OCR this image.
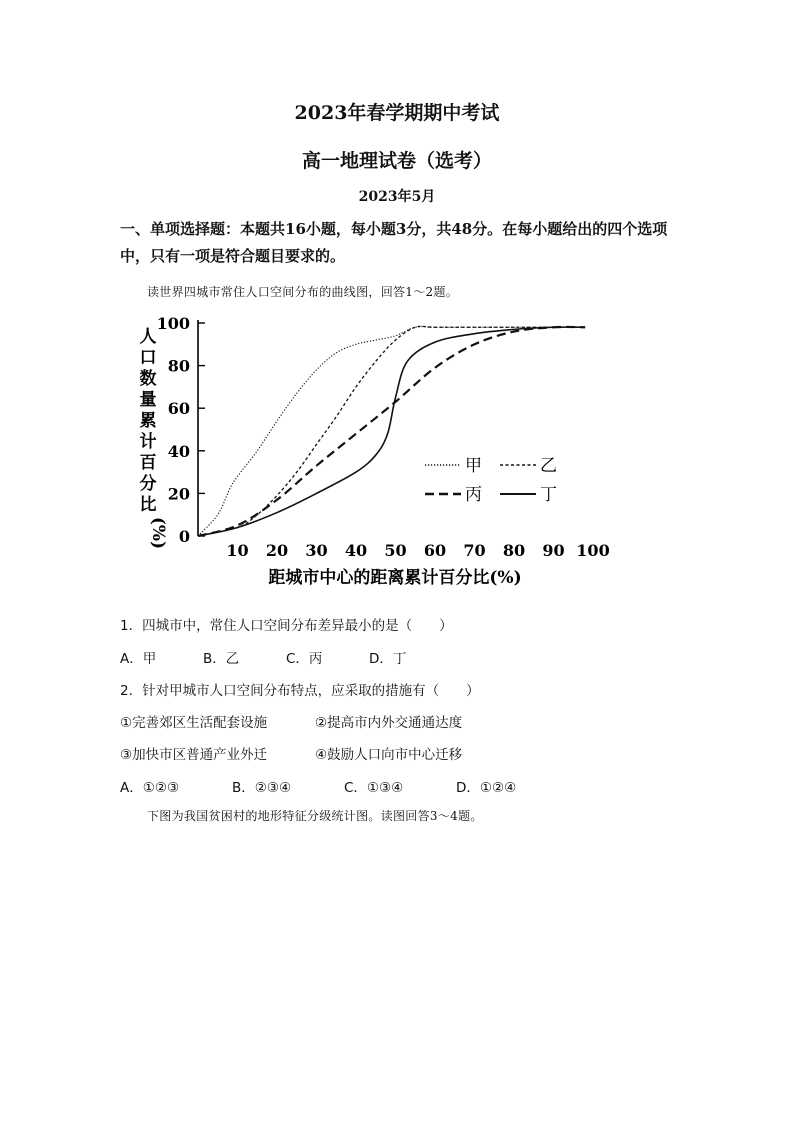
2023年春学期期中考试
高一地理试卷（选考）
2023年5月
一、单项选择题：本题共16小题，每小题3分，共48分。在每小题给出的四个选项中，只有一项是符合题目要求的。
读世界四城市常住人口空间分布的曲线图，回答1～2题。
0
20
40
60
80
100
10 20 30 40 50 60 70 80 90 100
甲	乙
丙	丁
距城市中心的距离累计百分比(%)
人口数量累计百分比
(%)
1．四城市中，常住人口空间分布差异最小的是（　　）
A．甲	B．乙	C．丙	D．丁
2．针对甲城市人口空间分布特点，应采取的措施有（　　）
①完善郊区生活配套设施	②提高市内外交通通达度
③加快市区普通产业外迁	④鼓励人口向市中心迁移
A．①②③	B．②③④	C．①③④	D．①②④
下图为我国贫困村的地形特征分级统计图。读图回答3～4题。
